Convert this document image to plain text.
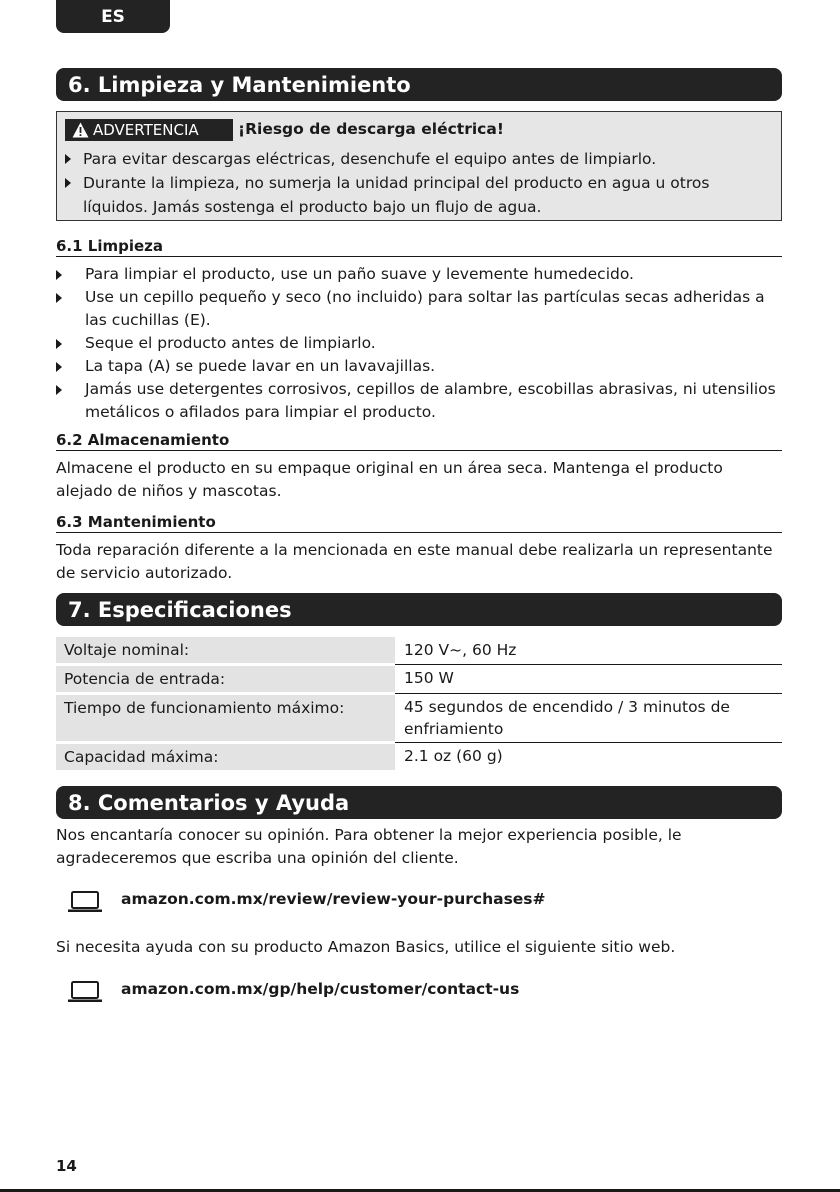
ES
6. Limpieza y Mantenimiento
ADVERTENCIA	¡Riesgo de descarga eléctrica!
Para evitar descargas eléctricas, desenchufe el equipo antes de limpiarlo.
Durante la limpieza, no sumerja la unidad principal del producto en agua u otros líquidos. Jamás sostenga el producto bajo un flujo de agua.
6.1 Limpieza
Para limpiar el producto, use un paño suave y levemente humedecido.
Use un cepillo pequeño y seco (no incluido) para soltar las partículas secas adheridas a las cuchillas (E).
Seque el producto antes de limpiarlo.
La tapa (A) se puede lavar en un lavavajillas.
Jamás use detergentes corrosivos, cepillos de alambre, escobillas abrasivas, ni utensilios metálicos o afilados para limpiar el producto.
6.2 Almacenamiento
Almacene el producto en su empaque original en un área seca. Mantenga el producto alejado de niños y mascotas.
6.3 Mantenimiento
Toda reparación diferente a la mencionada en este manual debe realizarla un representante de servicio autorizado.
7. Especificaciones
Voltaje nominal:	120 V~, 60 Hz
Potencia de entrada:	150 W
Tiempo de funcionamiento máximo:	45 segundos de encendido / 3 minutos de enfriamiento
Capacidad máxima:	2.1 oz (60 g)
8. Comentarios y Ayuda
Nos encantaría conocer su opinión. Para obtener la mejor experiencia posible, le agradeceremos que escriba una opinión del cliente.
amazon.com.mx/review/review-your-purchases#
Si necesita ayuda con su producto Amazon Basics, utilice el siguiente sitio web.
amazon.com.mx/gp/help/customer/contact-us
14
